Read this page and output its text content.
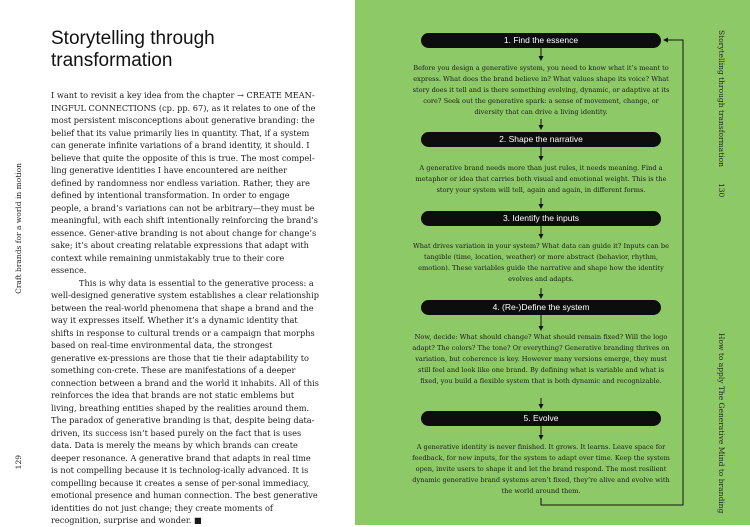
Storytelling through transformation

I want to revisit a key idea from the chapter → CREATE MEAN-INGFUL CONNECTIONS (cp. pp. 67), as it relates to one of the most persistent misconceptions about generative branding: the belief that its value primarily lies in quantity. That, if a system can generate infinite variations of a brand identity, it should. I believe that quite the opposite of this is true. The most compel-ling generative identities I have encountered are neither defined by randomness nor endless variation. Rather, they are defined by intentional transformation. In order to engage people, a brand’s variations can not be arbitrary—they must be meaningful, with each shift intentionally reinforcing the brand’s essence. Gener-ative branding is not about change for change’s sake; it’s about creating relatable expressions that adapt with context while remaining unmistakably true to their core essence.

This is why data is essential to the generative process: a well-designed generative system establishes a clear relationship between the real-world phenomena that shape a brand and the way it expresses itself. Whether it’s a dynamic identity that shifts in response to cultural trends or a campaign that morphs based on real-time environmental data, the strongest generative ex-pressions are those that tie their adaptability to something con-crete. These are manifestations of a deeper connection between a brand and the world it inhabits. All of this reinforces the idea that brands are not static emblems but living, breathing entities shaped by the realities around them. The paradox of generative branding is that, despite being data-driven, its success isn’t based purely on the fact that is uses data. Data is merely the means by which brands can create deeper resonance. A generative brand that adapts in real time is not compelling because it is technolog-ically advanced. It is compelling because it creates a sense of per-sonal immediacy, emotional presence and human connection. The best generative identities do not just change; they create moments of recognition, surprise and wonder. ■

Craft brands for a world in motion
129
Storytelling through transformation
130
How to apply The Generative Mind to branding
1. Find the essence
Before you design a generative system, you need to know what it’s meant to express. What does the brand believe in? What values shape its voice? What story does it tell and is there something evolving, dynamic, or adaptive at its core? Seek out the generative spark: a sense of movement, change, or diversity that can drive a living identity.
2. Shape the narrative
A generative brand needs more than just rules, it needs meaning. Find a metaphor or idea that carries both visual and emotional weight. This is the story your system will tell, again and again, in different forms.
3. Identify the inputs
What drives variation in your system? What data can guide it? Inputs can be tangible (time, location, weather) or more abstract (behavior, rhythm, emotion). These variables guide the narrative and shape how the identity evolves and adapts.
4. (Re-)Define the system
Now, decide: What should change? What should remain fixed? Will the logo adapt? The colors? The tone? Or everything? Generative branding thrives on variation, but coherence is key. However many versions emerge, they must still feel and look like one brand. By defining what is variable and what is fixed, you build a flexible system that is both dynamic and recognizable.
5. Evolve
A generative identity is never finished. It grows. It learns. Leave space for feedback, for new inputs, for the system to adapt over time. Keep the system open, invite users to shape it and let the brand respond. The most resilient dynamic generative brand systems aren’t fixed, they’re alive and evolve with the world around them.
